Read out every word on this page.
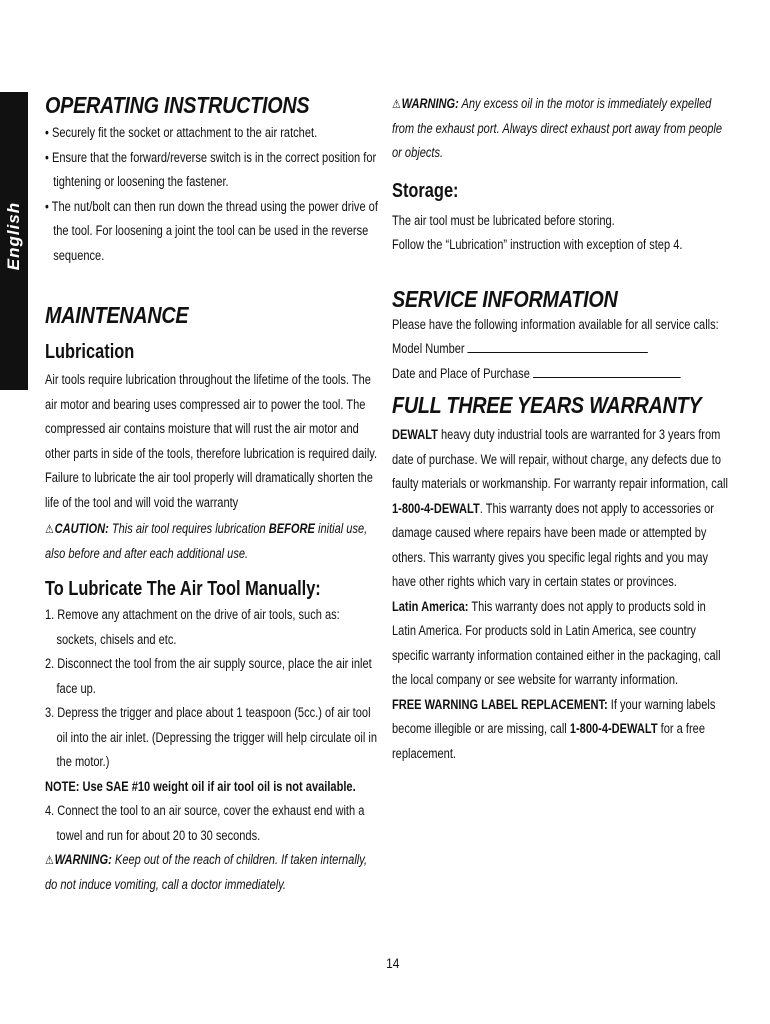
English
OPERATING INSTRUCTIONS

• Securely fit the socket or attachment to the air ratchet.

• Ensure that the forward/reverse switch is in the correct position for tightening or loosening the fastener.

• The nut/bolt can then run down the thread using the power drive of the tool. For loosening a joint the tool can be used in the reverse sequence.

MAINTENANCE
Lubrication

Air tools require lubrication throughout the lifetime of the tools. The air motor and bearing uses compressed air to power the tool. The compressed air contains moisture that will rust the air motor and other parts in side of the tools, therefore lubrication is required daily. Failure to lubricate the air tool properly will dramatically shorten the life of the tool and will void the warranty

⚠CAUTION: This air tool requires lubrication BEFORE initial use, also before and after each additional use.

To Lubricate The Air Tool Manually:

1. Remove any attachment on the drive of air tools, such as: sockets, chisels and etc.

2. Disconnect the tool from the air supply source, place the air inlet face up.

3. Depress the trigger and place about 1 teaspoon (5cc.) of air tool oil into the air inlet. (Depressing the trigger will help circulate oil in the motor.)

NOTE: Use SAE #10 weight oil if air tool oil is not available.

4. Connect the tool to an air source, cover the exhaust end with a towel and run for about 20 to 30 seconds.

⚠WARNING: Keep out of the reach of children. If taken internally, do not induce vomiting, call a doctor immediately.

⚠WARNING: Any excess oil in the motor is immediately expelled from the exhaust port. Always direct exhaust port away from people or objects.

Storage:

The air tool must be lubricated before storing.

Follow the “Lubrication” instruction with exception of step 4.

SERVICE INFORMATION

Please have the following information available for all service calls:

Model Number

Date and Place of Purchase

FULL THREE YEARS WARRANTY

DEWALT heavy duty industrial tools are warranted for 3 years from date of purchase. We will repair, without charge, any defects due to faulty materials or workmanship. For warranty repair information, call 1-800-4-DEWALT. This warranty does not apply to accessories or damage caused where repairs have been made or attempted by others. This warranty gives you specific legal rights and you may have other rights which vary in certain states or provinces.

Latin America: This warranty does not apply to products sold in Latin America. For products sold in Latin America, see country specific warranty information contained either in the packaging, call the local company or see website for warranty information.

FREE WARNING LABEL REPLACEMENT: If your warning labels become illegible or are missing, call 1-800-4-DEWALT for a free replacement.

14
